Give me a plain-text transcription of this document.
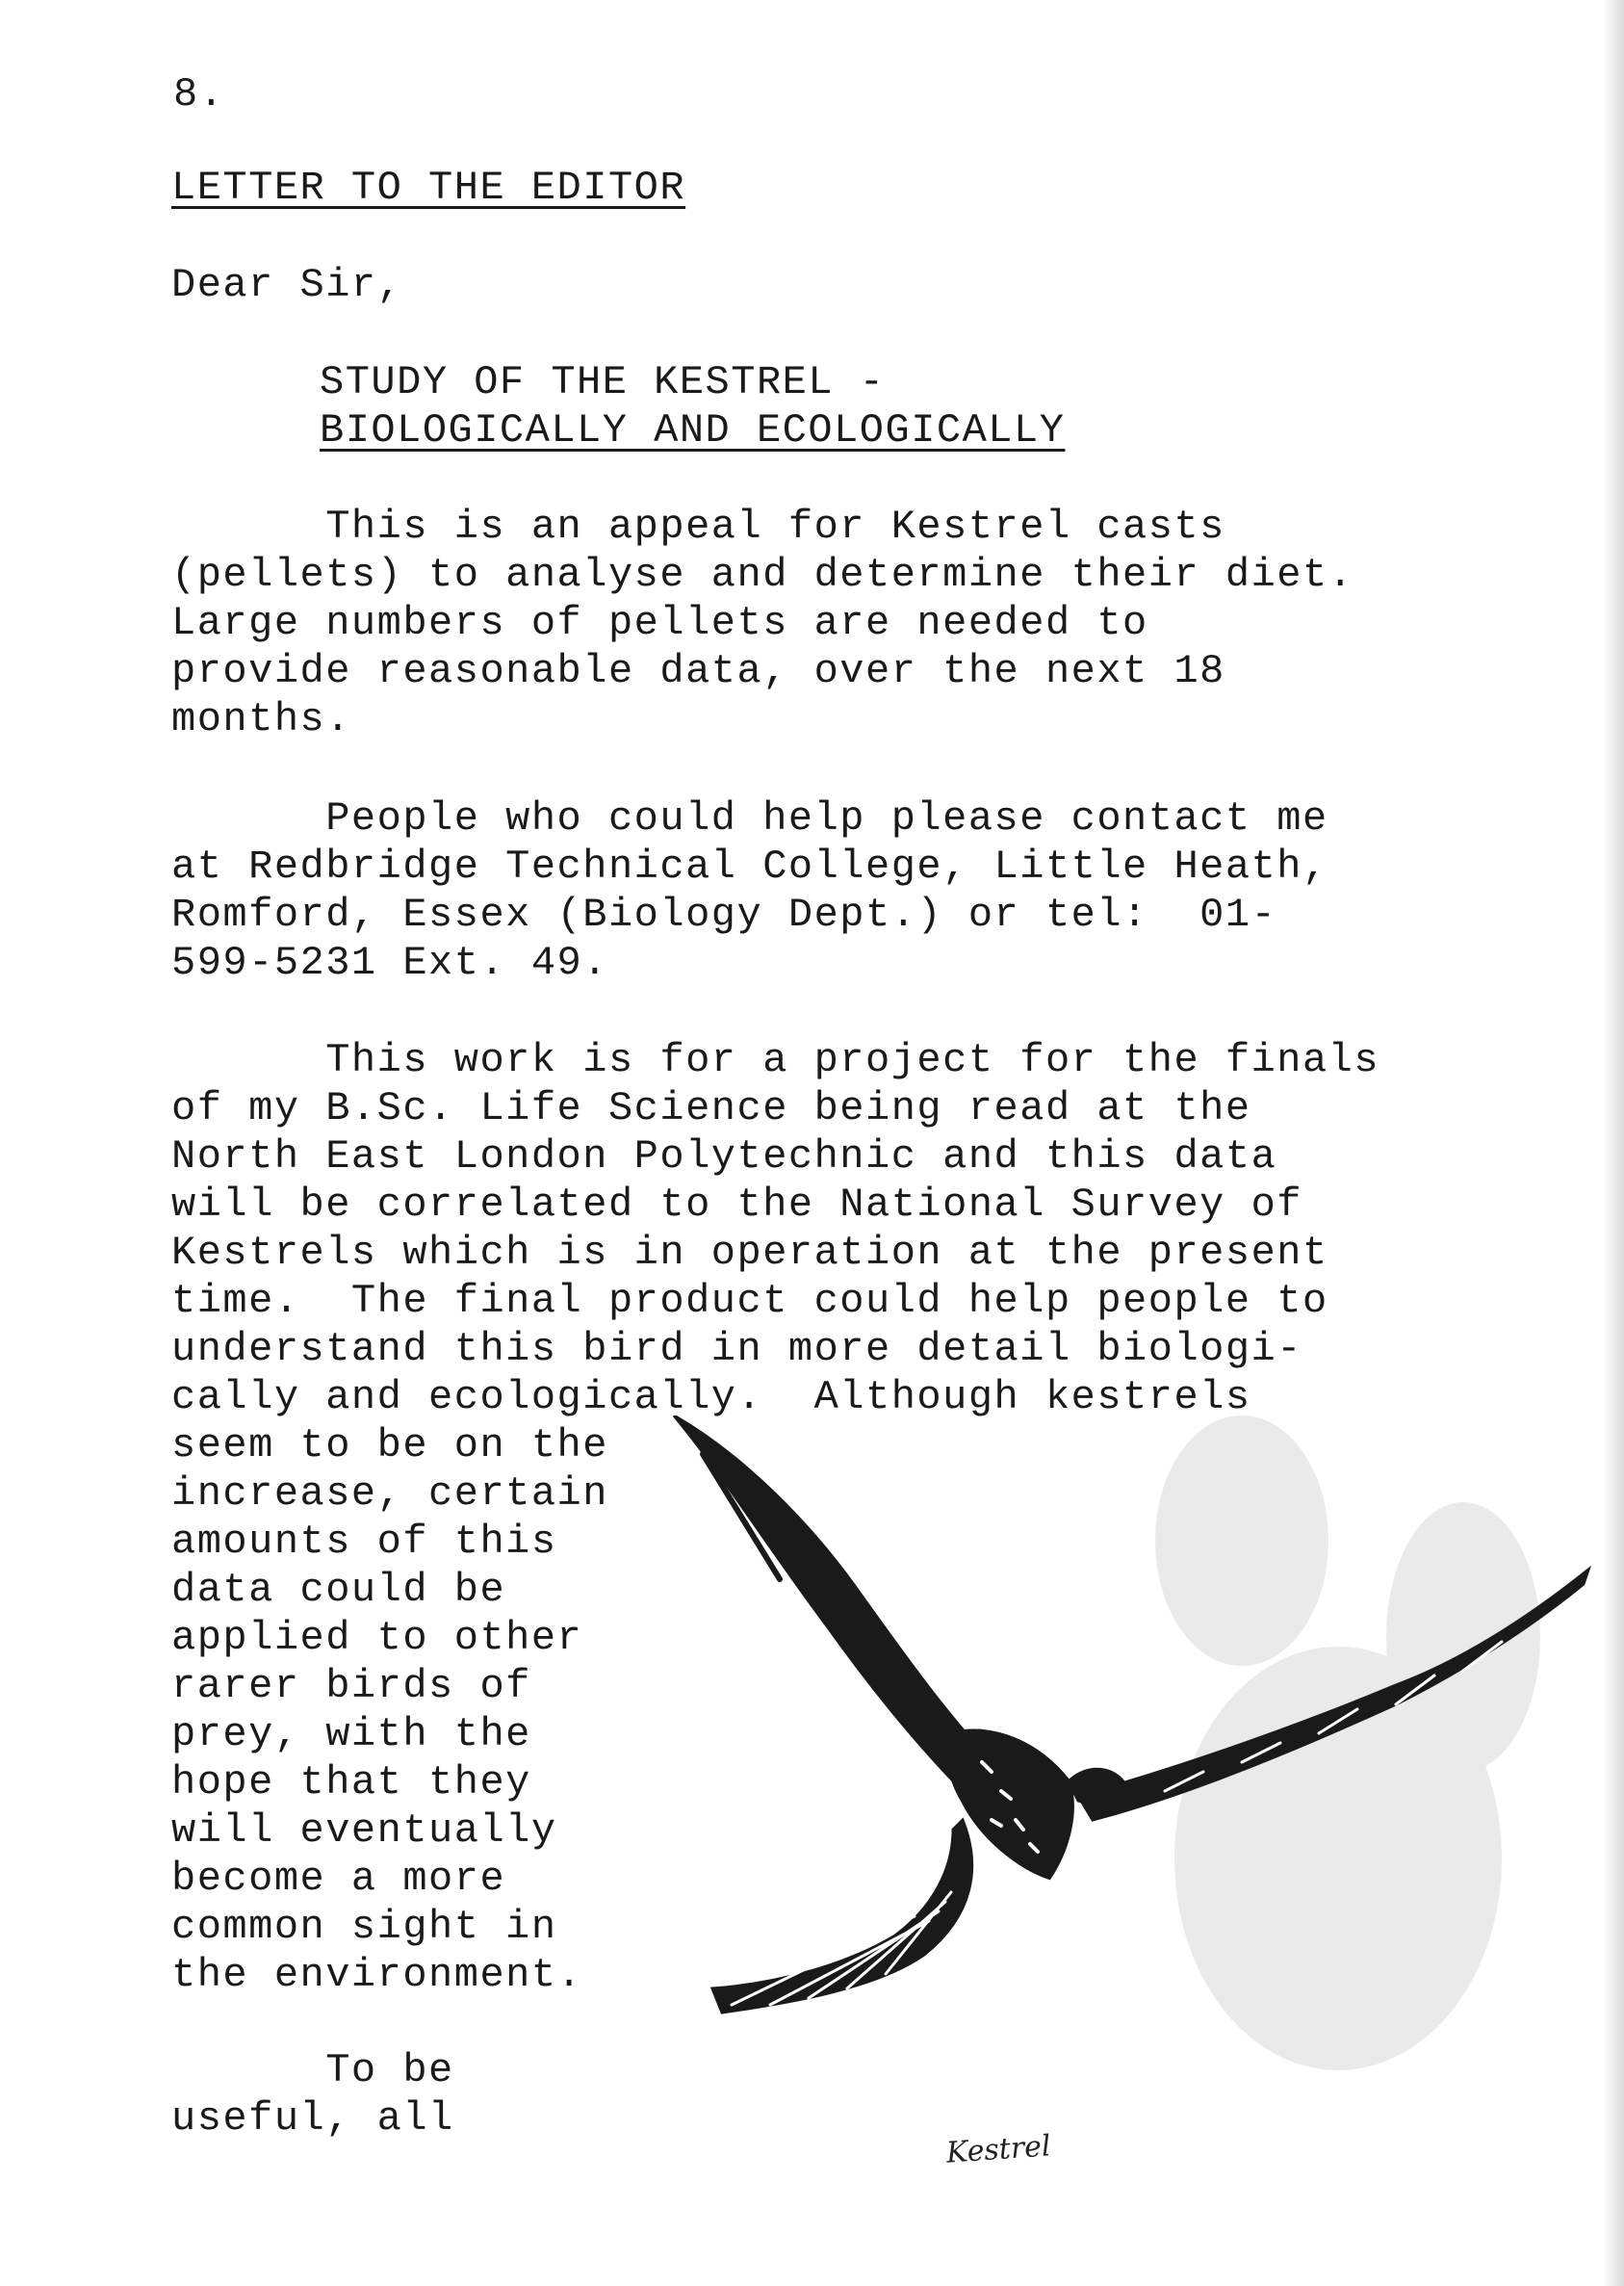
8.
LETTER TO THE EDITOR
Dear Sir,
STUDY OF THE KESTREL -
BIOLOGICALLY AND ECOLOGICALLY
This is an appeal for Kestrel casts
(pellets) to analyse and determine their diet.
Large numbers of pellets are needed to
provide reasonable data, over the next 18
months.
People who could help please contact me
at Redbridge Technical College, Little Heath,
Romford, Essex (Biology Dept.) or tel:  01-
599-5231 Ext. 49.
This work is for a project for the finals
of my B.Sc. Life Science being read at the
North East London Polytechnic and this data
will be correlated to the National Survey of
Kestrels which is in operation at the present
time.  The final product could help people to
understand this bird in more detail biologi-
cally and ecologically.  Although kestrels
seem to be on the
increase, certain
amounts of this
data could be
applied to other
rarer birds of
prey, with the
hope that they
will eventually
become a more
common sight in
the environment.
To be
useful, all
Kestrel
